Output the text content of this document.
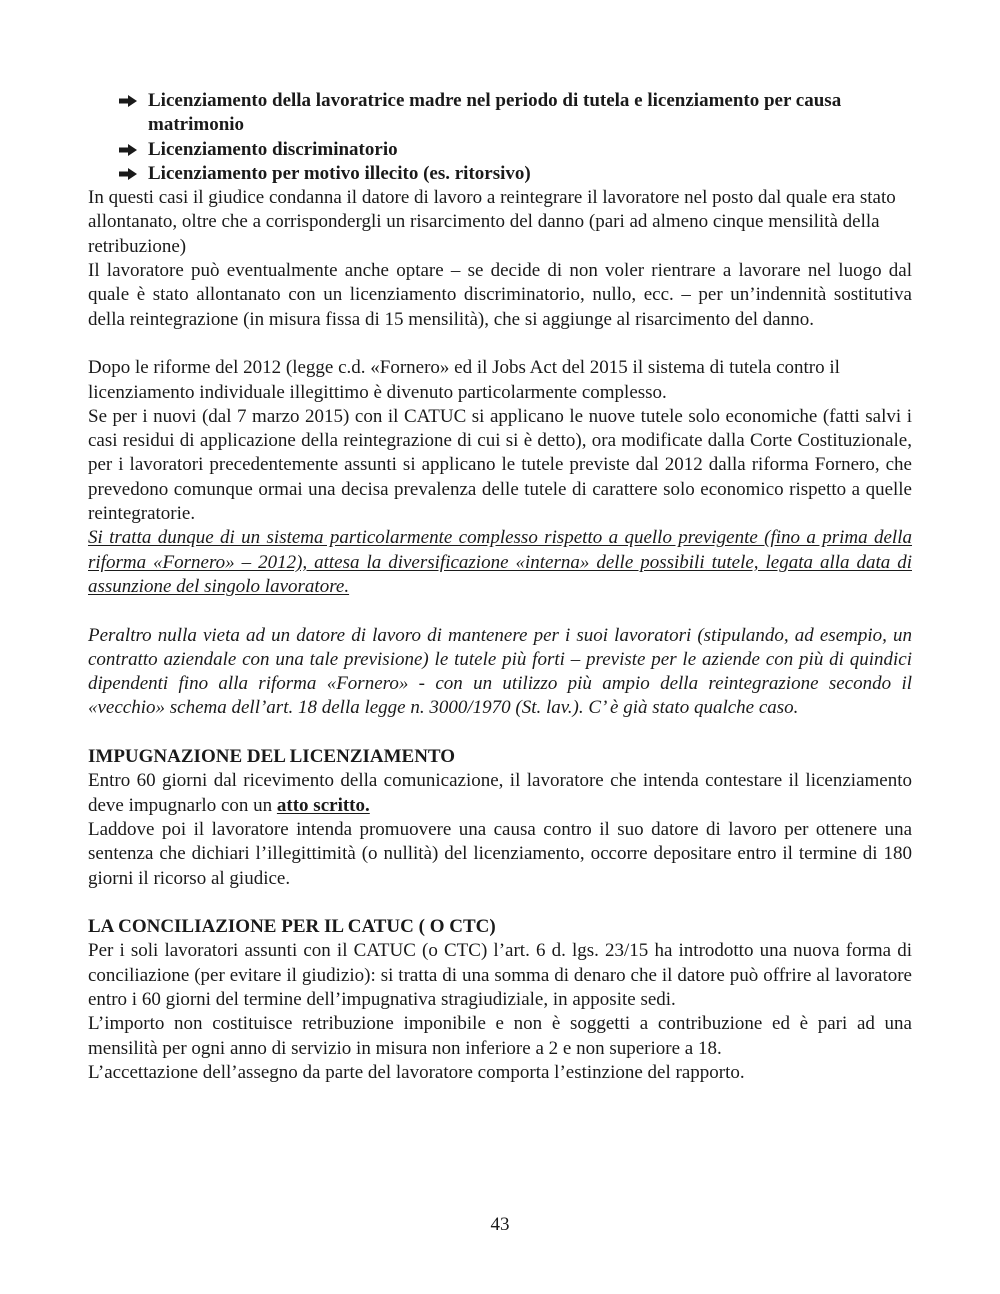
Licenziamento della lavoratrice madre nel periodo di tutela e licenziamento per causa matrimonio
Licenziamento discriminatorio
Licenziamento per motivo illecito (es. ritorsivo)

In questi casi il giudice condanna il datore di lavoro a reintegrare il lavoratore nel posto dal quale era stato allontanato, oltre che a corrispondergli un risarcimento del danno (pari ad almeno cinque mensilità della retribuzione)

Il lavoratore può eventualmente anche optare – se decide di non voler rientrare a lavorare nel luogo dal quale è stato allontanato con un licenziamento discriminatorio, nullo, ecc. – per un’indennità sostitutiva della reintegrazione (in misura fissa di 15 mensilità), che si aggiunge al risarcimento del danno.

Dopo le riforme del 2012 (legge c.d. «Fornero» ed il Jobs Act del 2015 il sistema di tutela contro il licenziamento individuale illegittimo è divenuto particolarmente complesso.

Se per i nuovi (dal 7 marzo 2015) con il CATUC si applicano le nuove tutele solo economiche (fatti salvi i casi residui di applicazione della reintegrazione di cui si è detto), ora modificate dalla Corte Costituzionale, per i lavoratori precedentemente assunti si applicano le tutele previste dal 2012 dalla riforma Fornero, che prevedono comunque ormai una decisa prevalenza delle tutele di carattere solo economico rispetto a quelle reintegratorie.

Si tratta dunque di un sistema particolarmente complesso rispetto a quello previgente (fino a prima della riforma «Fornero» – 2012), attesa la diversificazione «interna» delle possibili tutele, legata alla data di assunzione del singolo lavoratore.

Peraltro nulla vieta ad un datore di lavoro di mantenere per i suoi lavoratori (stipulando, ad esempio, un contratto aziendale con una tale previsione) le tutele più forti – previste per le aziende con più di quindici dipendenti fino alla riforma «Fornero» - con un utilizzo più ampio della reintegrazione secondo il «vecchio» schema dell’art. 18 della legge n. 3000/1970 (St. lav.). C’ è già stato qualche caso.

IMPUGNAZIONE DEL LICENZIAMENTO

Entro 60 giorni dal ricevimento della comunicazione, il lavoratore che intenda contestare il licenziamento deve impugnarlo con un atto scritto.

Laddove poi il lavoratore intenda promuovere una causa contro il suo datore di lavoro per ottenere una sentenza che dichiari l’illegittimità (o nullità) del licenziamento, occorre depositare entro il termine di 180 giorni il ricorso al giudice.

LA CONCILIAZIONE PER IL CATUC ( O CTC)

Per i soli lavoratori assunti con il CATUC (o CTC) l’art. 6 d. lgs. 23/15 ha introdotto una nuova forma di conciliazione (per evitare il giudizio): si tratta di una somma di denaro che il datore può offrire al lavoratore entro i 60 giorni del termine dell’impugnativa stragiudiziale, in apposite sedi.

L’importo non costituisce retribuzione imponibile e non è soggetti a contribuzione ed è pari ad una mensilità per ogni anno di servizio in misura non inferiore a 2 e non superiore a 18.

L’accettazione dell’assegno da parte del lavoratore comporta l’estinzione del rapporto.

43
